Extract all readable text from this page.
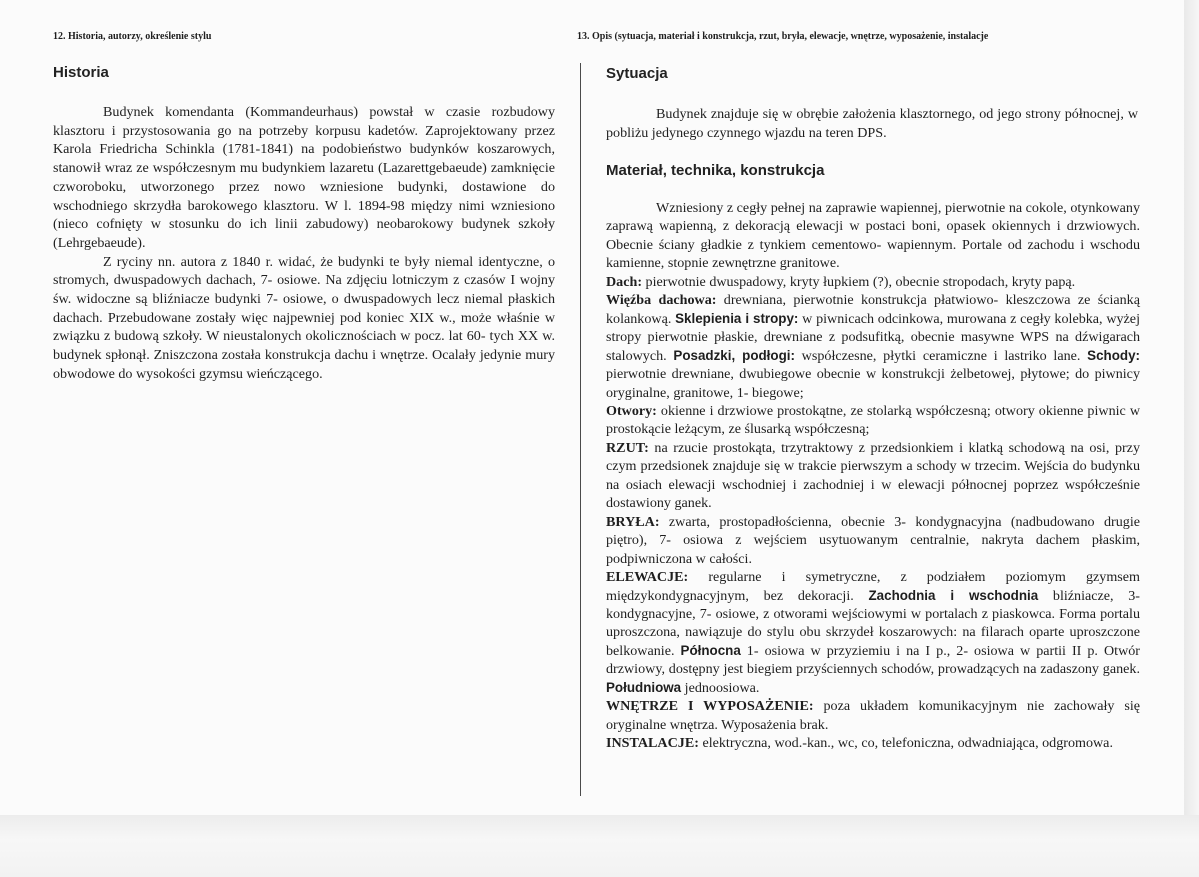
12. Historia, autorzy, określenie stylu	13. Opis (sytuacja, materiał i konstrukcja, rzut, bryła, elewacje, wnętrze, wyposażenie, instalacje
Historia

Budynek komendanta (Kommandeurhaus) powstał w czasie rozbudowy klasztoru i przystosowania go na potrzeby korpusu kadetów. Zaprojektowany przez Karola Friedricha Schinkla (1781-1841) na podobieństwo budynków koszarowych, stanowił wraz ze współczesnym mu budynkiem lazaretu (Lazarettgebaeude) zamknięcie czworoboku, utworzonego przez nowo wzniesione budynki, dostawione do wschodniego skrzydła barokowego klasztoru. W l. 1894-98 między nimi wzniesiono (nieco cofnięty w stosunku do ich linii zabudowy) neobarokowy budynek szkoły (Lehrgebaeude).

Z ryciny nn. autora z 1840 r. widać, że budynki te były niemal identyczne, o stromych, dwuspadowych dachach, 7- osiowe. Na zdjęciu lotniczym z czasów I wojny św. widoczne są bliźniacze budynki 7- osiowe, o dwuspadowych lecz niemal płaskich dachach. Przebudowane zostały więc najpewniej pod koniec XIX w., może właśnie w związku z budową szkoły. W nieustalonych okolicznościach w pocz. lat 60- tych XX w. budynek spłonął. Zniszczona została konstrukcja dachu i wnętrze. Ocalały jedynie mury obwodowe do wysokości gzymsu wieńczącego.

Sytuacja

Budynek znajduje się w obrębie założenia klasztornego, od jego strony północnej, w pobliżu jedynego czynnego wjazdu na teren DPS.

Materiał, technika, konstrukcja

Wzniesiony z cegły pełnej na zaprawie wapiennej, pierwotnie na cokole, otynkowany zaprawą wapienną, z dekoracją elewacji w postaci boni, opasek okiennych i drzwiowych. Obecnie ściany gładkie z tynkiem cementowo- wapiennym. Portale od zachodu i wschodu kamienne, stopnie zewnętrzne granitowe.

Dach: pierwotnie dwuspadowy, kryty łupkiem (?), obecnie stropodach, kryty papą.

Więźba dachowa: drewniana, pierwotnie konstrukcja płatwiowo- kleszczowa ze ścianką kolankową. Sklepienia i stropy: w piwnicach odcinkowa, murowana z cegły kolebka, wyżej stropy pierwotnie płaskie, drewniane z podsufitką, obecnie masywne WPS na dźwigarach stalowych. Posadzki, podłogi: współczesne, płytki ceramiczne i lastriko lane. Schody: pierwotnie drewniane, dwubiegowe obecnie w konstrukcji żelbetowej, płytowe; do piwnicy oryginalne, granitowe, 1- biegowe;

Otwory: okienne i drzwiowe prostokątne, ze stolarką współczesną; otwory okienne piwnic w prostokącie leżącym, ze ślusarką współczesną;

RZUT: na rzucie prostokąta, trzytraktowy z przedsionkiem i klatką schodową na osi, przy czym przedsionek znajduje się w trakcie pierwszym a schody w trzecim. Wejścia do budynku na osiach elewacji wschodniej i zachodniej i w elewacji północnej poprzez współcześnie dostawiony ganek.

BRYŁA: zwarta, prostopadłościenna, obecnie 3- kondygnacyjna (nadbudowano drugie piętro), 7- osiowa z wejściem usytuowanym centralnie, nakryta dachem płaskim, podpiwniczona w całości.

ELEWACJE: regularne i symetryczne, z podziałem poziomym gzymsem międzykondygnacyjnym, bez dekoracji. Zachodnia i wschodnia bliźniacze, 3-kondygnacyjne, 7- osiowe, z otworami wejściowymi w portalach z piaskowca. Forma portalu uproszczona, nawiązuje do stylu obu skrzydeł koszarowych: na filarach oparte uproszczone belkowanie. Północna 1- osiowa w przyziemiu i na I p., 2- osiowa w partii II p. Otwór drzwiowy, dostępny jest biegiem przyściennych schodów, prowadzących na zadaszony ganek. Południowa jednoosiowa.

WNĘTRZE I WYPOSAŻENIE: poza układem komunikacyjnym nie zachowały się oryginalne wnętrza. Wyposażenia brak.

INSTALACJE: elektryczna, wod.-kan., wc, co, telefoniczna, odwadniająca, odgromowa.
